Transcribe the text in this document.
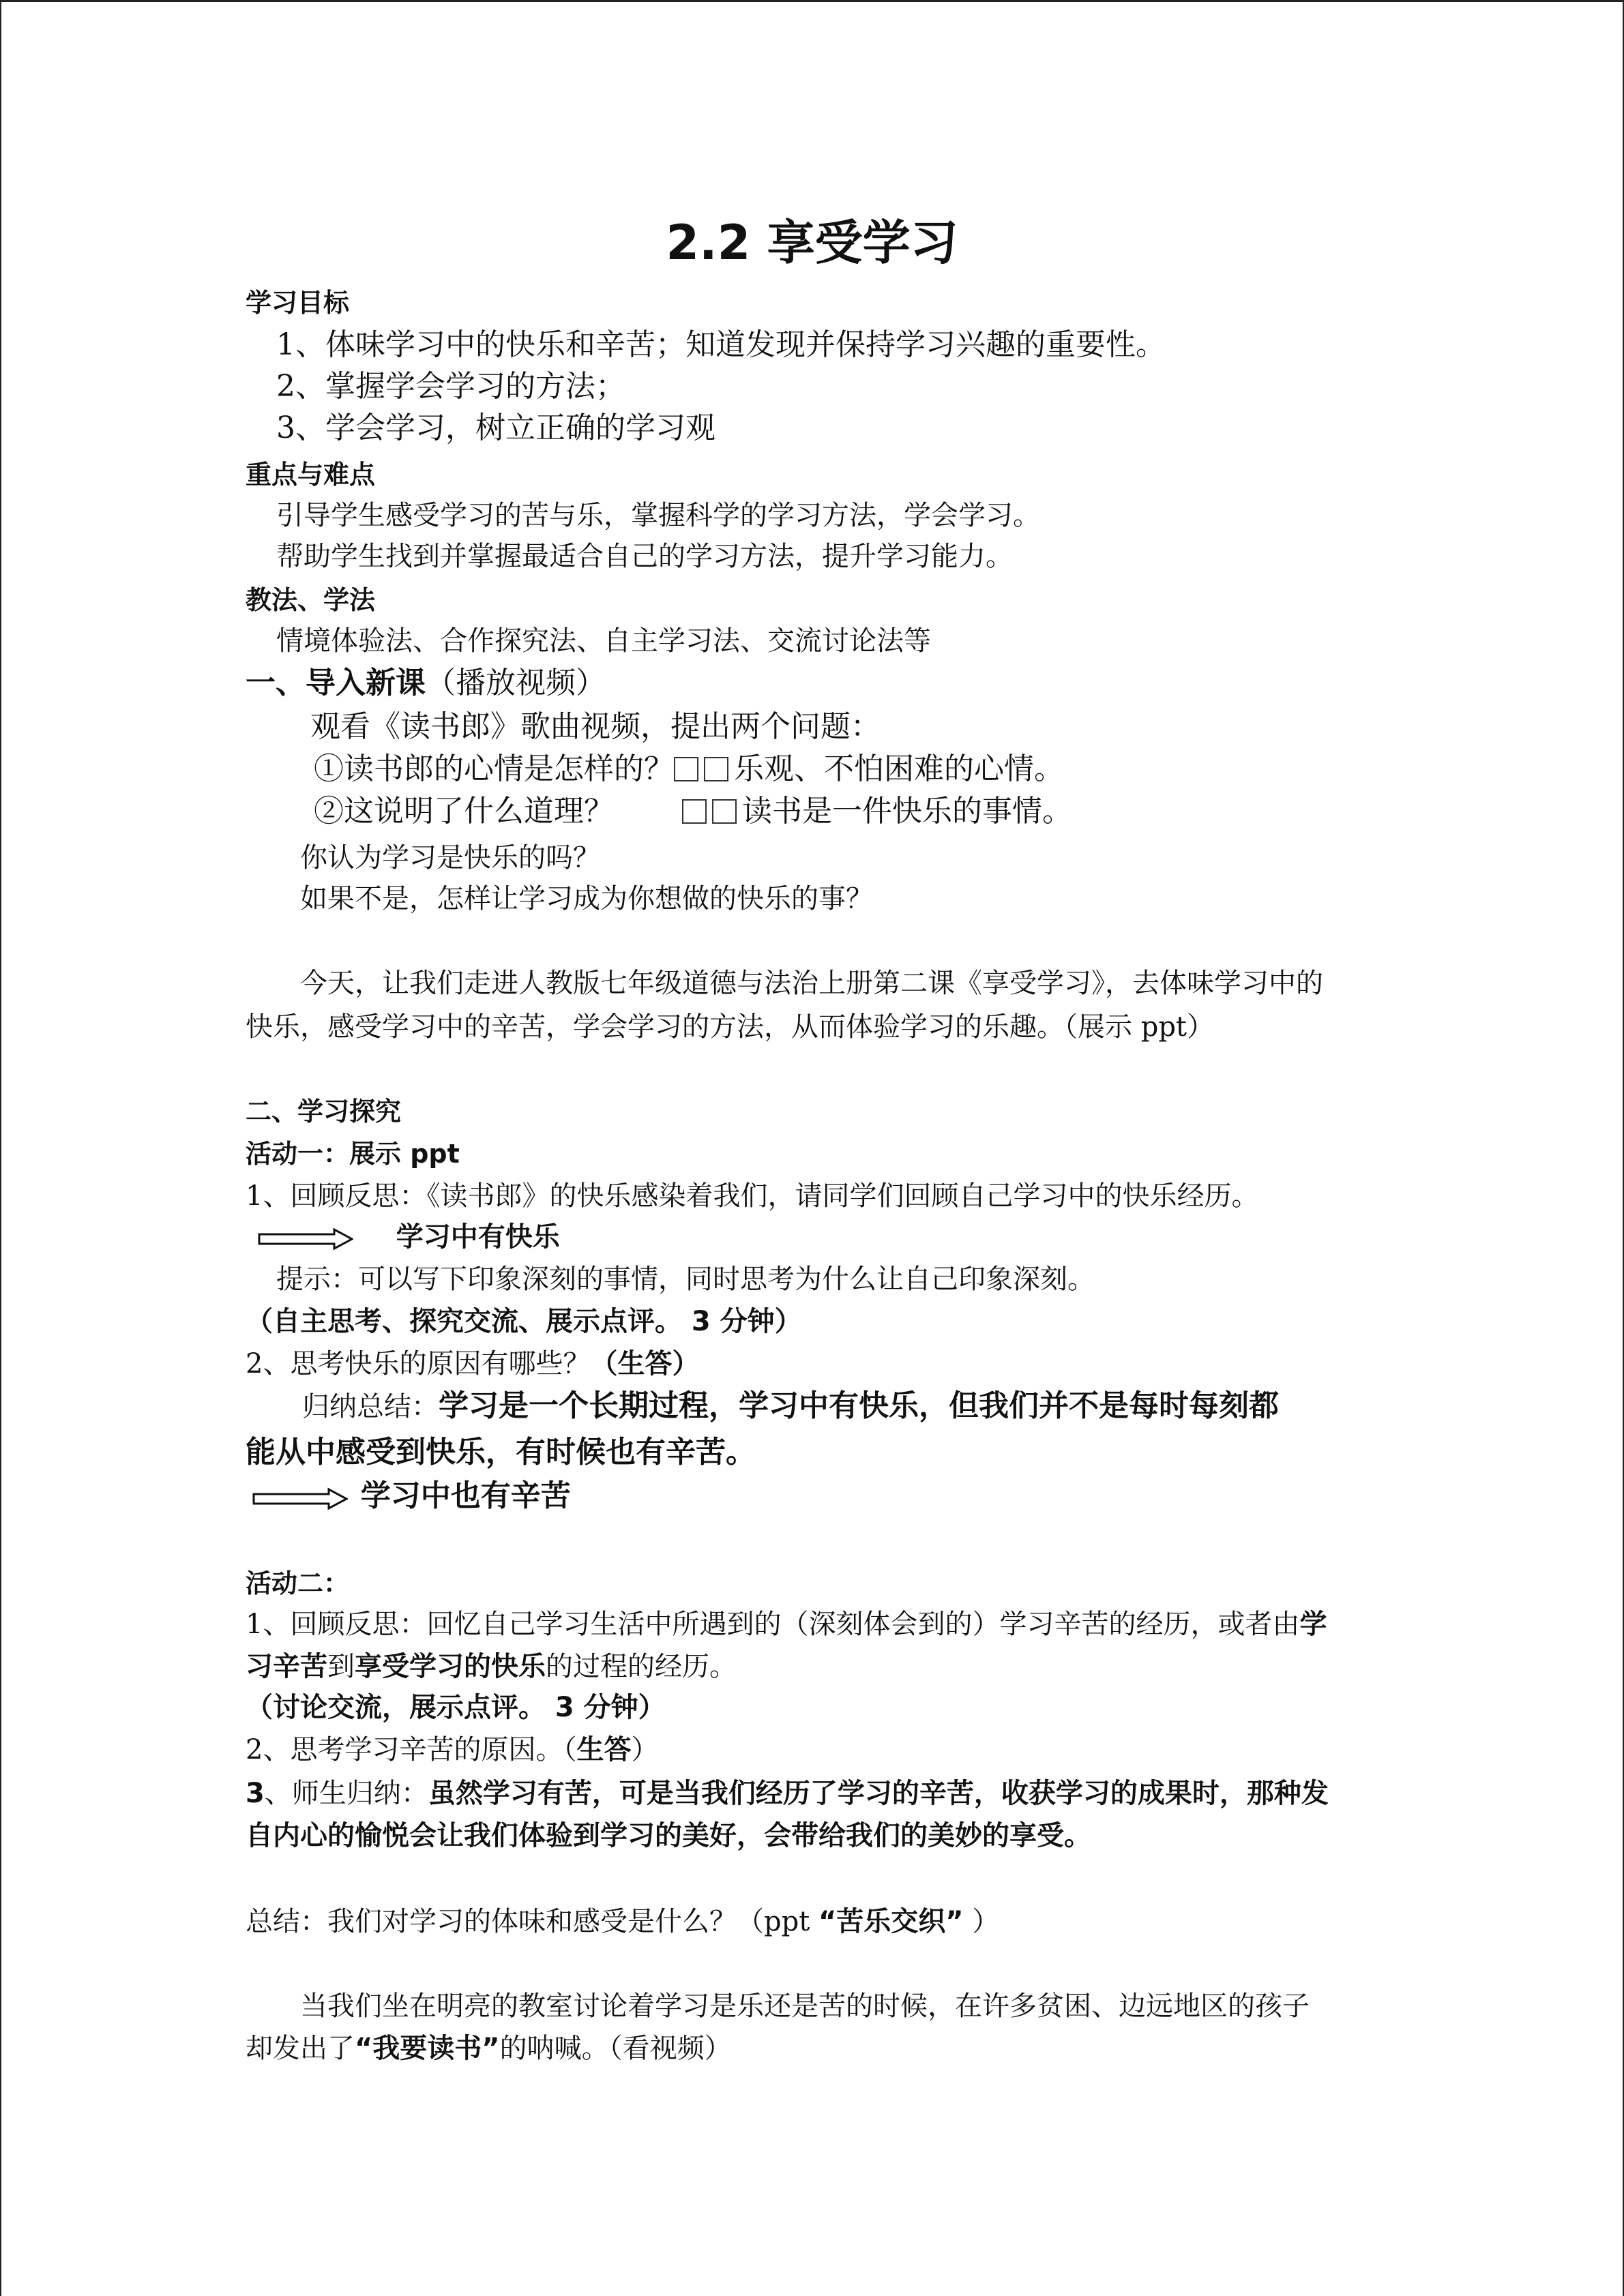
2.2 享受学习
学习目标
1、体味学习中的快乐和辛苦；知道发现并保持学习兴趣的重要性。
2、掌握学会学习的方法；
3、学会学习，树立正确的学习观
重点与难点
引导学生感受学习的苦与乐，掌握科学的学习方法，学会学习。
帮助学生找到并掌握最适合自己的学习方法，提升学习能力。
教法、学法
情境体验法、合作探究法、自主学习法、交流讨论法等
一、导入新课（播放视频）
观看《读书郎》歌曲视频，提出两个问题：
①读书郎的心情是怎样的？ 乐观、不怕困难的心情。
②这说明了什么道理？	读书是一件快乐的事情。
你认为学习是快乐的吗？
如果不是，怎样让学习成为你想做的快乐的事？
今天，让我们走进人教版七年级道德与法治上册第二课《享受学习》，去体味学习中的
快乐，感受学习中的辛苦，学会学习的方法，从而体验学习的乐趣。（展示 ppt）
二、学习探究
活动一：展示 ppt
1、回顾反思：《读书郎》的快乐感染着我们，请同学们回顾自己学习中的快乐经历。
学习中有快乐
提示：可以写下印象深刻的事情，同时思考为什么让自己印象深刻。
（自主思考、探究交流、展示点评。 3 分钟）
2、思考快乐的原因有哪些？（生答）
归纳总结：学习是一个长期过程，学习中有快乐，但我们并不是每时每刻都
能从中感受到快乐，有时候也有辛苦。
学习中也有辛苦
活动二：
1、回顾反思：回忆自己学习生活中所遇到的（深刻体会到的）学习辛苦的经历，或者由学
习辛苦到享受学习的快乐的过程的经历。
（讨论交流，展示点评。 3 分钟）
2、思考学习辛苦的原因。（生答）
3、师生归纳：虽然学习有苦，可是当我们经历了学习的辛苦，收获学习的成果时，那种发
自内心的愉悦会让我们体验到学习的美好，会带给我们的美妙的享受。
总结：我们对学习的体味和感受是什么？（ppt “苦乐交织” ）
当我们坐在明亮的教室讨论着学习是乐还是苦的时候，在许多贫困、边远地区的孩子
却发出了“我要读书”的呐喊。（看视频）
